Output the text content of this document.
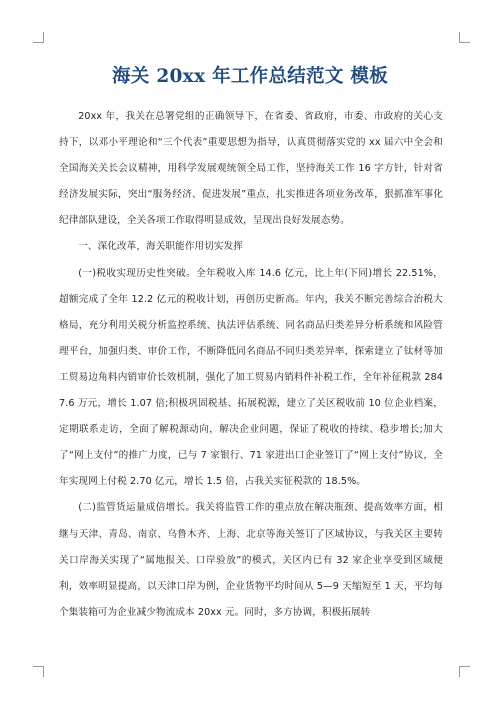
海关 20xx 年工作总结范文 模板

20xx 年，我关在总署党组的正确领导下，在省委、省政府，市委、市政府的关心支持下，以邓小平理论和“三个代表”重要思想为指导，认真贯彻落实党的 xx 届六中全会和全国海关关长会议精神，用科学发展观统领全局工作，坚持海关工作 16 字方针，针对省经济发展实际，突出“服务经济、促进发展”重点，扎实推进各项业务改革，狠抓准军事化纪律部队建设，全关各项工作取得明显成效，呈现出良好发展态势。

一、深化改革，海关职能作用切实发挥

(一)税收实现历史性突破。全年税收入库 14.6 亿元，比上年(下同)增长 22.51%，超额完成了全年 12.2 亿元的税收计划，再创历史新高。年内，我关不断完善综合治税大格局，充分利用关税分析监控系统、执法评估系统、同名商品归类差异分析系统和风险管理平台，加强归类、审价工作，不断降低同名商品不同归类差异率，探索建立了钛材等加工贸易边角料内销审价长效机制，强化了加工贸易内销料件补税工作，全年补征税款 2847.6 万元，增长 1.07 倍;积极巩固税基、拓展税源，建立了关区税收前 10 位企业档案，定期联系走访，全面了解税源动向，解决企业问题，保证了税收的持续、稳步增长;加大了“网上支付”的推广力度，已与 7 家银行、71 家进出口企业签订了“网上支付”协议，全年实现网上付税 2.70 亿元，增长 1.5 倍，占我关实征税款的 18.5%。

(二)监管货运量成倍增长。我关将监管工作的重点放在解决瓶颈、提高效率方面，相继与天津、青岛、南京、乌鲁木齐、上海、北京等海关签订了区域协议，与我关区主要转关口岸海关实现了“属地报关、口岸验放”的模式，关区内已有 32 家企业享受到区域便利，效率明显提高，以天津口岸为例，企业货物平均时间从 5—9 天缩短至 1 天，平均每个集装箱可为企业减少物流成本 20xx 元。同时，多方协调，积极拓展转
